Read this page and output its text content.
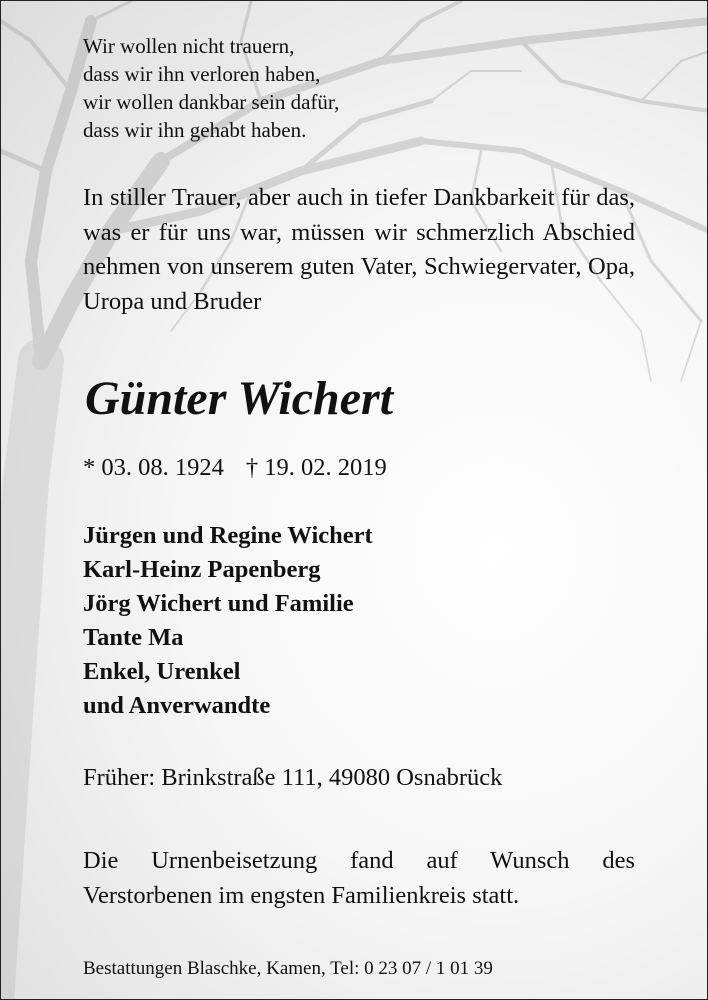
Wir wollen nicht trauern,
dass wir ihn verloren haben,
wir wollen dankbar sein dafür,
dass wir ihn gehabt haben.

In stiller Trauer, aber auch in tiefer Dankbarkeit für das, was er für uns war, müssen wir schmerzlich Abschied nehmen von unserem guten Vater, Schwiegervater, Opa, Uropa und Bruder

Günter Wichert
* 03. 08. 1924 † 19. 02. 2019
Jürgen und Regine Wichert
Karl-Heinz Papenberg
Jörg Wichert und Familie
Tante Ma
Enkel, Urenkel
und Anverwandte
Früher: Brinkstraße 111, 49080 Osnabrück

Die Urnenbeisetzung fand auf Wunsch des Verstorbenen im engsten Familienkreis statt.

Bestattungen Blaschke, Kamen, Tel: 0 23 07 / 1 01 39
